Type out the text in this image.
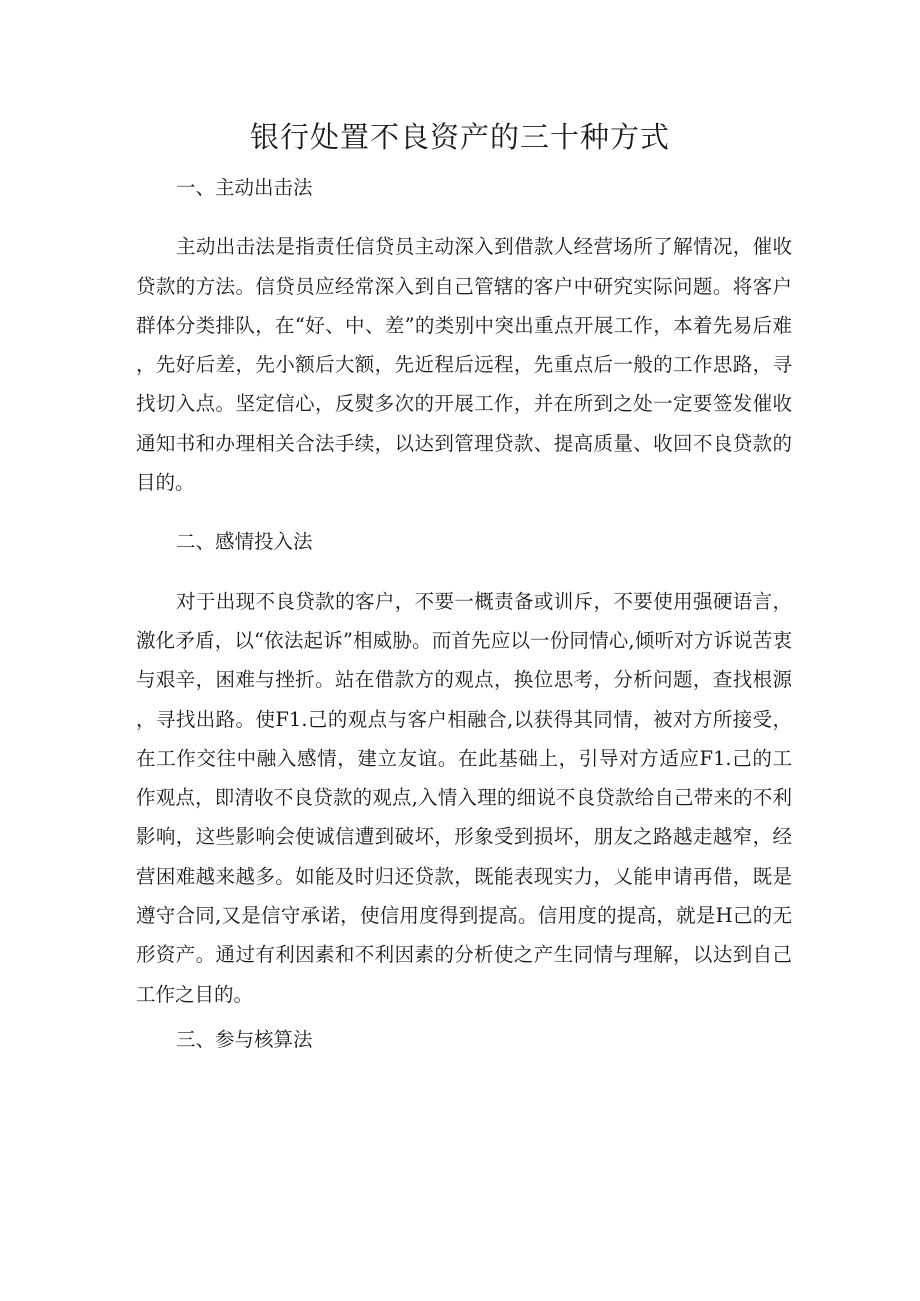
银行处置不良资产的三十种方式
一、主动出击法

主动出击法是指责任信贷员主动深入到借款人经营场所了解情况，催收贷款的方法。信贷员应经常深入到自己管辖的客户中研究实际问题。将客户群体分类排队，在“好、中、差”的类别中突出重点开展工作，本着先易后难，先好后差，先小额后大额，先近程后远程，先重点后一般的工作思路，寻找切入点。坚定信心，反熨多次的开展工作，并在所到之处一定要签发催收通知书和办理相关合法手续，以达到管理贷款、提高质量、收回不良贷款的目的。

二、感情投入法

对于出现不良贷款的客户，不要一概责备或训斥，不要使用强硬语言，激化矛盾，以“依法起诉”相威胁。而首先应以一份同情心,倾听对方诉说苦衷与艰辛，困难与挫折。站在借款方的观点，换位思考，分析问题，查找根源，寻找出路。使F1.己的观点与客户相融合,以获得其同情，被对方所接受，在工作交往中融入感情，建立友谊。在此基础上，引导对方适应F1.己的工作观点，即清收不良贷款的观点,入情入理的细说不良贷款给自己带来的不利影响，这些影响会使诚信遭到破坏，形象受到损坏，朋友之路越走越窄，经营困难越来越多。如能及时归还贷款，既能表现实力，乂能申请再借，既是遵守合同,又是信守承诺，使信用度得到提高。信用度的提高，就是H己的无形资产。通过有利因素和不利因素的分析使之产生同情与理解，以达到自己工作之目的。

三、参与核算法
